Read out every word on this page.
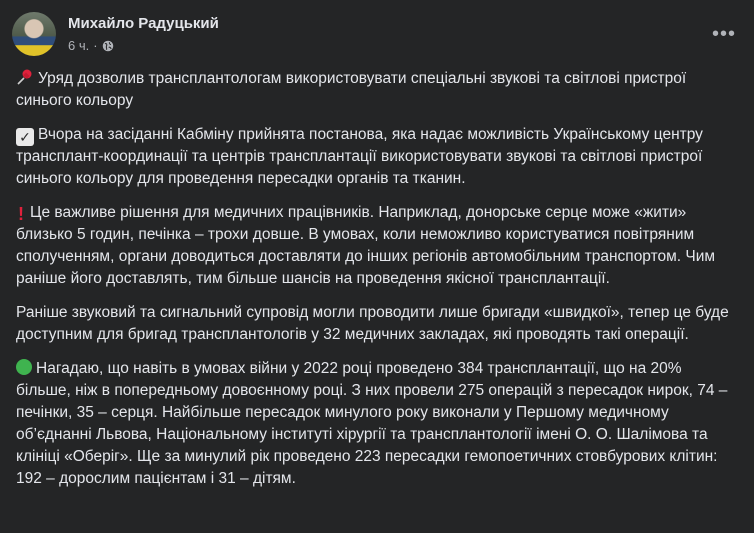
Михайло Радуцький
6 ч. ·
•••

Уряд дозволив трансплантологам використовувати спеціальні звукові та світлові пристрої синього кольору

✓ Вчора на засіданні Кабміну прийнята постанова, яка надає можливість Українському центру трансплант-координації та центрів трансплантації використовувати звукові та світлові пристрої синього кольору для проведення пересадки органів та тканин.

! Це важливе рішення для медичних працівників. Наприклад, донорське серце може «жити» близько 5 годин, печінка – трохи довше. В умовах, коли неможливо користуватися повітряним сполученням, органи доводиться доставляти до інших регіонів автомобільним транспортом. Чим раніше його доставлять, тим більше шансів на проведення якісної трансплантації.

Раніше звуковий та сигнальний супровід могли проводити лише бригади «швидкої», тепер це буде доступним для бригад трансплантологів у 32 медичних закладах, які проводять такі операції.

Нагадаю, що навіть в умовах війни у 2022 році проведено 384 трансплантації, що на 20% більше, ніж в попередньому довоєнному році. З них провели 275 операцій з пересадок нирок, 74 – печінки, 35 – серця. Найбільше пересадок минулого року виконали у Першому медичному об’єднанні Львова, Національному інституті хірургії та трансплантології імені О. О. Шалімова та клініці «Оберіг». Ще за минулий рік проведено 223 пересадки гемопоетичних стовбурових клітин: 192 – дорослим пацієнтам і 31 – дітям.
